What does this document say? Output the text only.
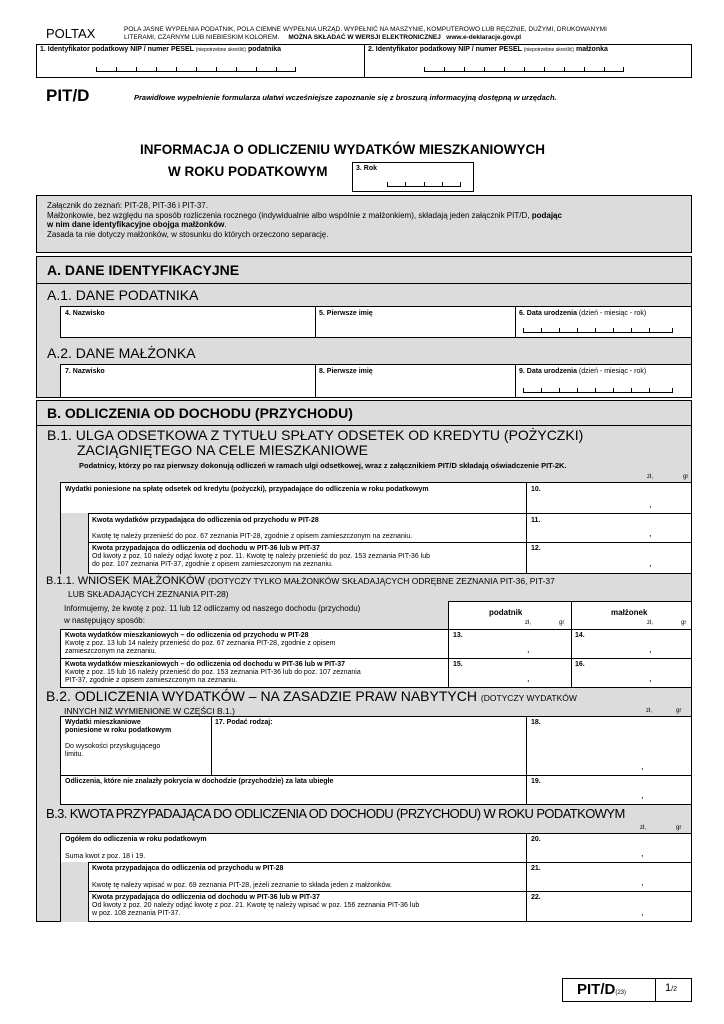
POLTAX	POLA JASNE WYPEŁNIA PODATNIK, POLA CIEMNE WYPEŁNIA URZĄD. WYPEŁNIĆ NA MASZYNIE, KOMPUTEROWO LUB RĘCZNIE, DUŻYMI, DRUKOWANYMI
LITERAMI, CZARNYM LUB NIEBIESKIM KOLOREM. MOŻNA SKŁADAĆ W WERSJI ELEKTRONICZNEJ www.e-deklaracje.gov.pl
1. Identyfikator podatkowy NIP / numer PESEL (niepotrzebne skreślić) podatnika	2. Identyfikator podatkowy NIP / numer PESEL (niepotrzebne skreślić) małżonka
PIT/D	Prawidłowe wypełnienie formularza ułatwi wcześniejsze zapoznanie się z broszurą informacyjną dostępną w urzędach.
INFORMACJA O ODLICZENIU WYDATKÓW MIESZKANIOWYCH
W ROKU PODATKOWYM	3. Rok
Załącznik do zeznań: PIT-28, PIT-36 i PIT-37.
Małżonkowie, bez względu na sposób rozliczenia rocznego (indywidualnie albo wspólnie z małżonkiem), składają jeden załącznik PIT/D, podając
w nim dane identyfikacyjne obojga małżonków.
Zasada ta nie dotyczy małżonków, w stosunku do których orzeczono separację.
A. DANE IDENTYFIKACYJNE
A.1. DANE PODATNIKA
A.2. DANE MAŁŻONKA
4. Nazwisko	5. Pierwsze imię	6. Data urodzenia (dzień - miesiąc - rok)
7. Nazwisko	8. Pierwsze imię	9. Data urodzenia (dzień - miesiąc - rok)
B. ODLICZENIA OD DOCHODU (PRZYCHODU)
B.1. ULGA ODSETKOWA Z TYTUŁU SPŁATY ODSETEK OD KREDYTU (POŻYCZKI)
ZACIĄGNIĘTEGO NA CELE MIESZKANIOWE
Podatnicy, którzy po raz pierwszy dokonują odliczeń w ramach ulgi odsetkowej, wraz z załącznikiem PIT/D składają oświadczenie PIT-2K.
zł,	gr
Wydatki poniesione na spłatę odsetek od kredytu (pożyczki), przypadające do odliczenia w roku podatkowym	10.
,
Kwota wydatków przypadająca do odliczenia od przychodu w PIT-28
Kwotę tę należy przenieść do poz. 67 zeznania PIT-28, zgodnie z opisem zamieszczonym na zeznaniu.
11.
,
Kwota przypadająca do odliczenia od dochodu w PIT-36 lub w PIT-37
Od kwoty z poz. 10 należy odjąć kwotę z poz. 11. Kwotę tę należy przenieść do poz. 153 zeznania PIT-36 lub
do poz. 107 zeznania PIT-37, zgodnie z opisem zamieszczonym na zeznaniu.
12.
,
B.1.1. WNIOSEK MAŁŻONKÓW (DOTYCZY TYLKO MAŁŻONKÓW SKŁADAJĄCYCH ODRĘBNE ZEZNANIA PIT-36, PIT-37
LUB SKŁADAJĄCYCH ZEZNANIA PIT-28)
Informujemy, że kwotę z poz. 11 lub 12 odliczamy od naszego dochodu (przychodu)
w następujący sposób:
podatnik	małżonek
zł,	gr	zł,	gr
Kwota wydatków mieszkaniowych – do odliczenia od przychodu w PIT-28
Kwotę z poz. 13 lub 14 należy przenieść do poz. 67 zeznania PIT-28, zgodnie z opisem
zamieszczonym na zeznaniu.
13.	14.
,	,
Kwota wydatków mieszkaniowych – do odliczenia od dochodu w PIT-36 lub w PIT-37
Kwotę z poz. 15 lub 16 należy przenieść do poz. 153 zeznania PIT-36 lub do poz. 107 zeznania
PIT-37, zgodnie z opisem zamieszczonym na zeznaniu.
15.	16.
,	,
B.2. ODLICZENIA WYDATKÓW – NA ZASADZIE PRAW NABYTYCH (DOTYCZY WYDATKÓW
INNYCH NIŻ WYMIENIONE W CZĘŚCI B.1.)	zł,	gr
Wydatki mieszkaniowe
poniesione w roku podatkowym

Do wysokości przysługującego
limitu.
17. Podać rodzaj:	18.
,
Odliczenia, które nie znalazły pokrycia w dochodzie (przychodzie) za lata ubiegłe	19.
,
B.3. KWOTA PRZYPADAJĄCA DO ODLICZENIA OD DOCHODU (PRZYCHODU) W ROKU PODATKOWYM
zł,	gr
Ogółem do odliczenia w roku podatkowym
Suma kwot z poz. 18 i 19.
20.
,
Kwota przypadająca do odliczenia od przychodu w PIT-28
Kwotę tę należy wpisać w poz. 69 zeznania PIT-28, jeżeli zeznanie to składa jeden z małżonków.
21.
,
Kwota przypadająca do odliczenia od dochodu w PIT-36 lub w PIT-37
Od kwoty z poz. 20 należy odjąć kwotę z poz. 21. Kwotę tę należy wpisać w poz. 156 zeznania PIT-36 lub
w poz. 108 zeznania PIT-37.
22.
,
PIT/D(23)	1/2
